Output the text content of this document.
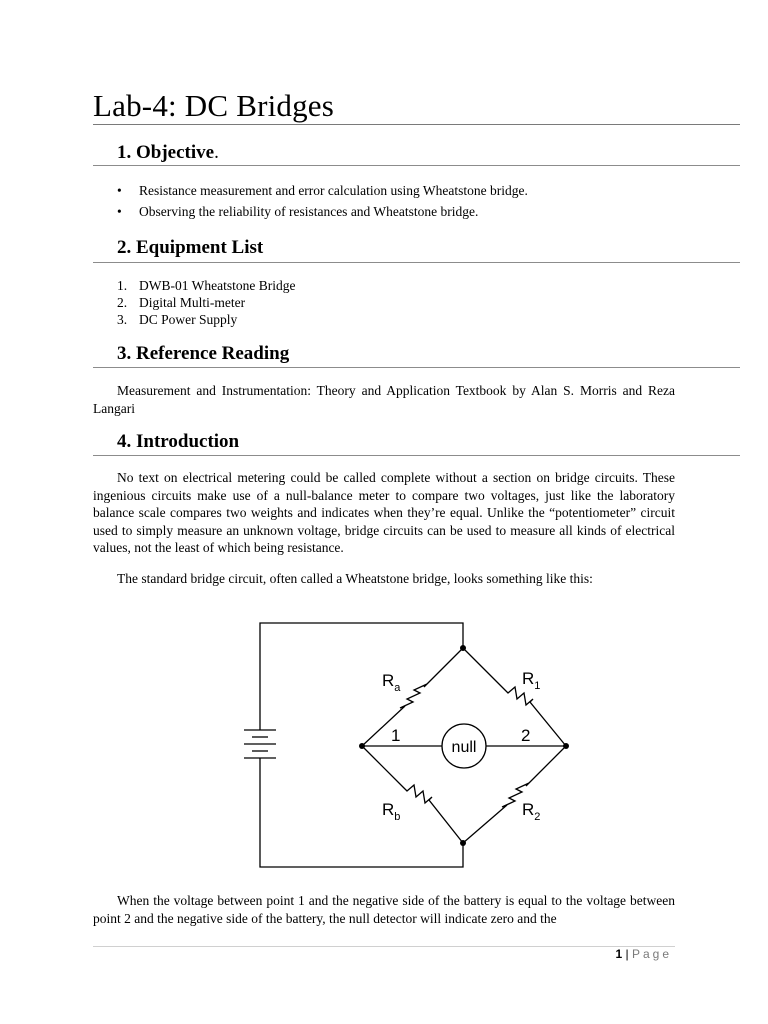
Lab-4: DC Bridges
1. Objective.
• Resistance measurement and error calculation using Wheatstone bridge.
• Observing the reliability of resistances and Wheatstone bridge.
2. Equipment List
1. DWB-01 Wheatstone Bridge
2. Digital Multi-meter
3. DC Power Supply
3. Reference Reading

Measurement and Instrumentation: Theory and Application Textbook by Alan S. Morris and Reza Langari

4. Introduction

No text on electrical metering could be called complete without a section on bridge circuits. These ingenious circuits make use of a null-balance meter to compare two voltages, just like the laboratory balance scale compares two weights and indicates when they’re equal. Unlike the “potentiometer” circuit used to simply measure an unknown voltage, bridge circuits can be used to measure all kinds of electrical values, not the least of which being resistance.

The standard bridge circuit, often called a Wheatstone bridge, looks something like this:

$R_a$	$R_1$
$R_b$	$R_2$
1	2
null

When the voltage between point 1 and the negative side of the battery is equal to the voltage between point 2 and the negative side of the battery, the null detector will indicate zero and the

1 | Page
